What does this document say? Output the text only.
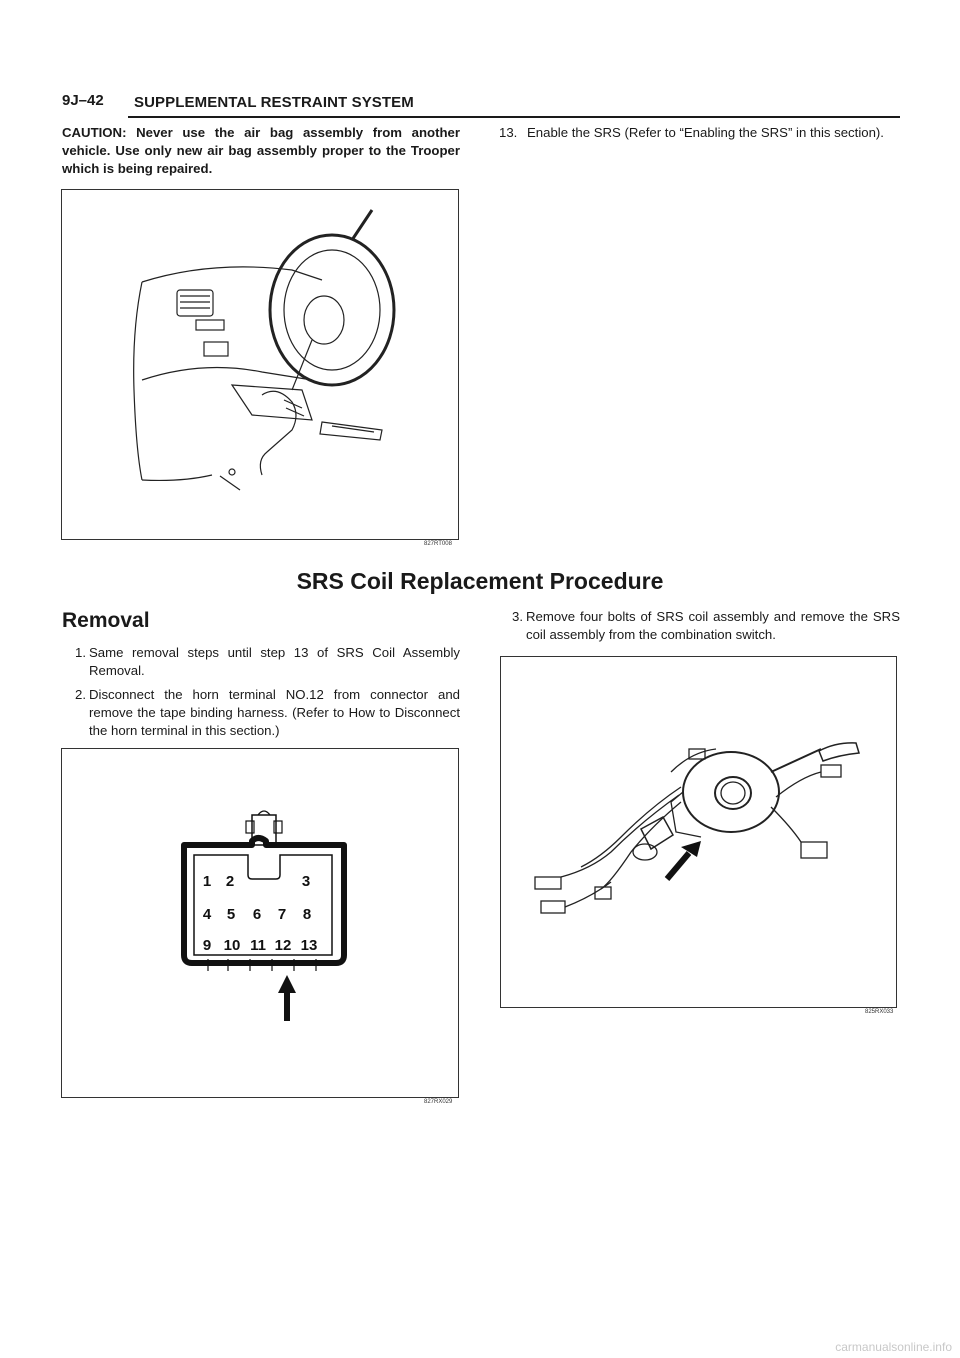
9J–42 SUPPLEMENTAL RESTRAINT SYSTEM
CAUTION: Never use the air bag assembly from another vehicle. Use only new air bag assembly proper to the Trooper which is being repaired.
13. Enable the SRS (Refer to “Enabling the SRS” in this section).
827RT008
SRS Coil Replacement Procedure
Removal
1. Same removal steps until step 13 of SRS Coil Assembly Removal.
2. Disconnect the horn terminal NO.12 from connector and remove the tape binding harness. (Refer to How to Disconnect the horn terminal in this section.)
3. Remove four bolts of SRS coil assembly and remove the SRS coil assembly from the combination switch.
1 2	3
4 5 6 7 8
9 10 11 12 13
827RX029
825RX033
carmanualsonline.info
